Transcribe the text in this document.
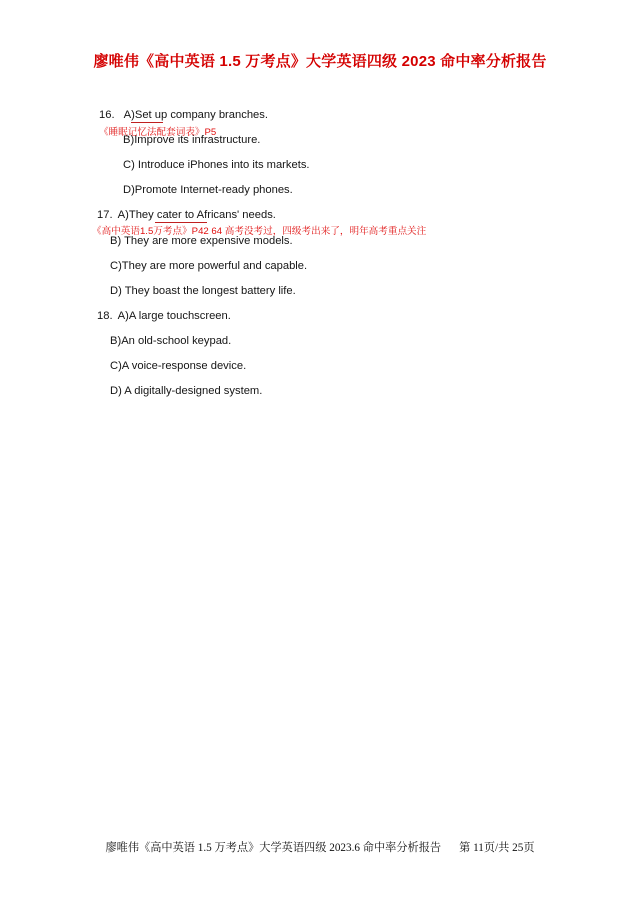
廖唯伟《高中英语 1.5 万考点》大学英语四级 2023 命中率分析报告
16. A)Set up company branches.
《睡眠记忆法配套词表》P5
B)Improve its infrastructure.
C) Introduce iPhones into its markets.
D)Promote Internet-ready phones.
17. A)They cater to Africans' needs.
《高中英语1.5万考点》P42 64 高考没考过，四级考出来了，明年高考重点关注
B) They are more expensive models.
C)They are more powerful and capable.
D) They boast the longest battery life.
18. A)A large touchscreen.
B)An old-school keypad.
C)A voice-response device.
D) A digitally-designed system.
廖唯伟《高中英语 1.5 万考点》大学英语四级 2023.6 命中率分析报告 第 11页/共 25页
